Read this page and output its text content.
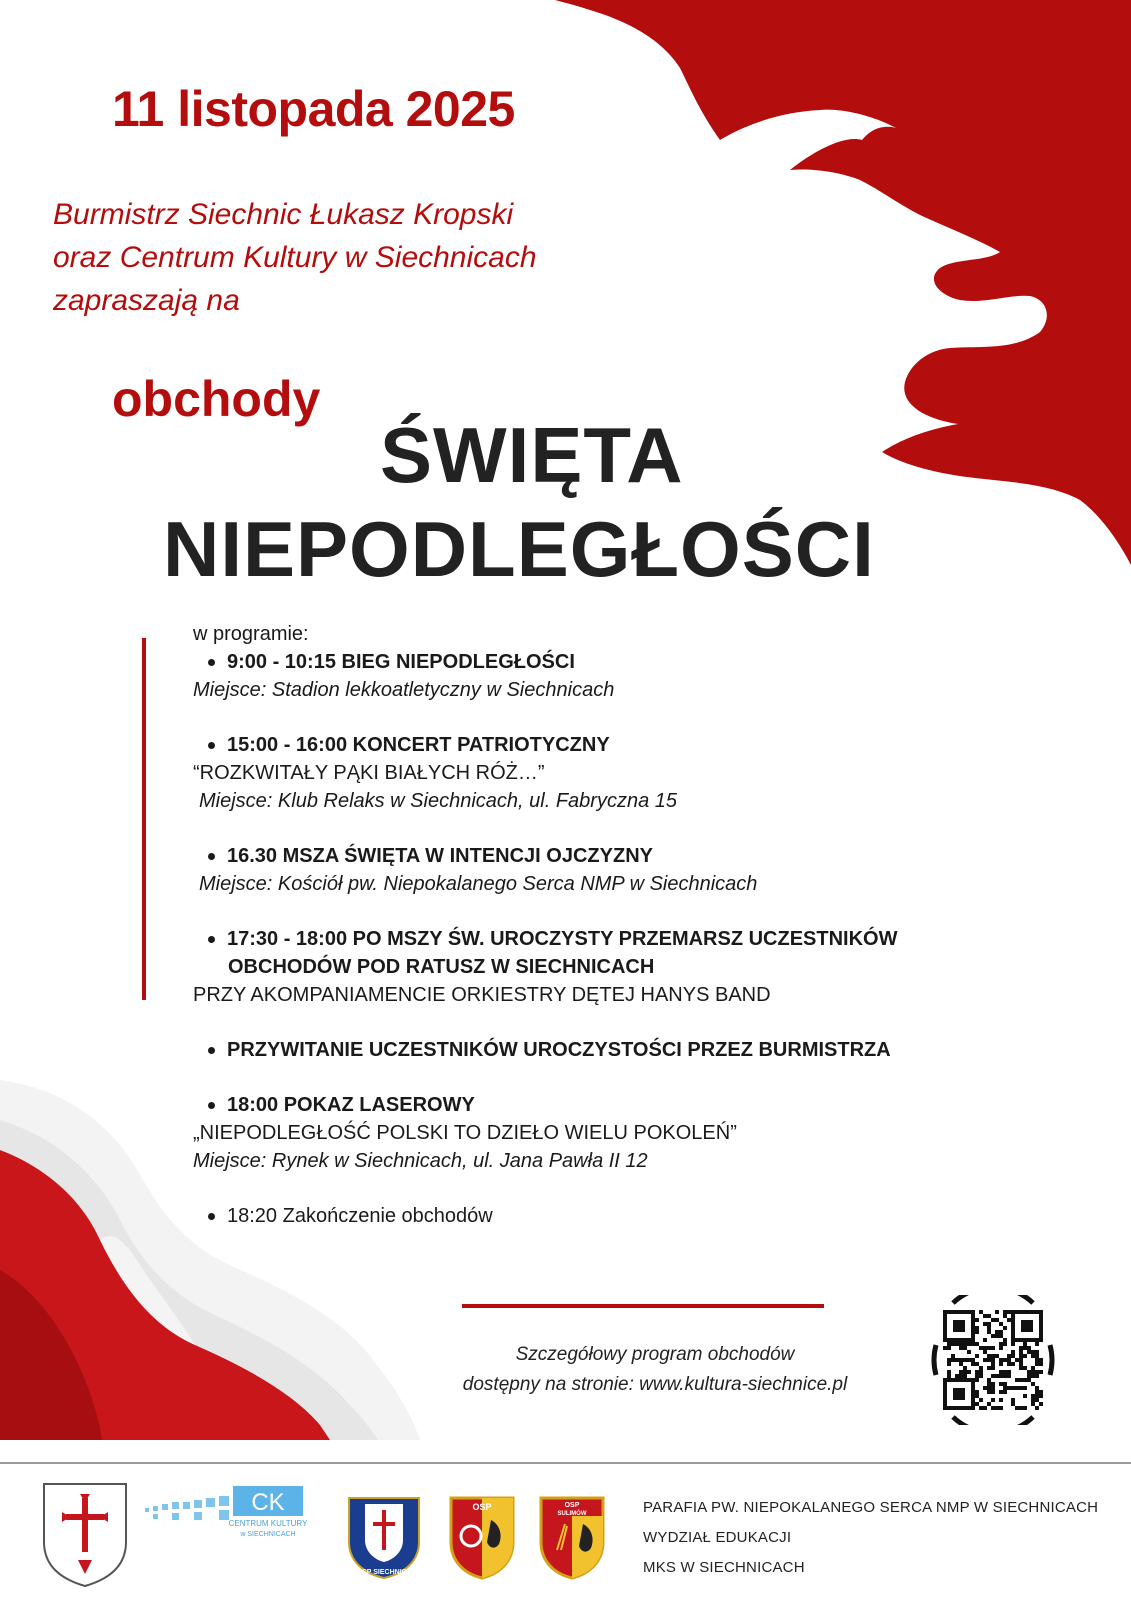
11 listopada 2025
Burmistrz Siechnic Łukasz Kropski
oraz Centrum Kultury w Siechnicach
zapraszają na
obchody
ŚWIĘTA
NIEPODLEGŁOŚCI
w programie:
9:00 - 10:15 BIEG NIEPODLEGŁOŚCI
Miejsce: Stadion lekkoatletyczny w Siechnicach
15:00 - 16:00 KONCERT PATRIOTYCZNY
“ROZKWITAŁY PĄKI BIAŁYCH RÓŻ…”
Miejsce: Klub Relaks w Siechnicach, ul. Fabryczna 15
16.30 MSZA ŚWIĘTA W INTENCJI OJCZYZNY
Miejsce: Kościół pw. Niepokalanego Serca NMP w Siechnicach
17:30 - 18:00 PO MSZY ŚW. UROCZYSTY PRZEMARSZ UCZESTNIKÓW
OBCHODÓW POD RATUSZ W SIECHNICACH
PRZY AKOMPANIAMENCIE ORKIESTRY DĘTEJ HANYS BAND
PRZYWITANIE UCZESTNIKÓW UROCZYSTOŚCI PRZEZ BURMISTRZA
18:00 POKAZ LASEROWY
„NIEPODLEGŁOŚĆ POLSKI TO DZIEŁO WIELU POKOLEŃ”
Miejsce: Rynek w Siechnicach, ul. Jana Pawła II 12
18:20 Zakończenie obchodów
Szczegółowy program obchodów
dostępny na stronie: www.kultura-siechnice.pl
CK
CENTRUM KULTURY
w SIECHNICACH
OSP SIECHNICE
OSP	OSP
SULIMÓW	PARAFIA PW. NIEPOKALANEGO SERCA NMP W SIECHNICACH
WYDZIAŁ EDUKACJI
MKS W SIECHNICACH
